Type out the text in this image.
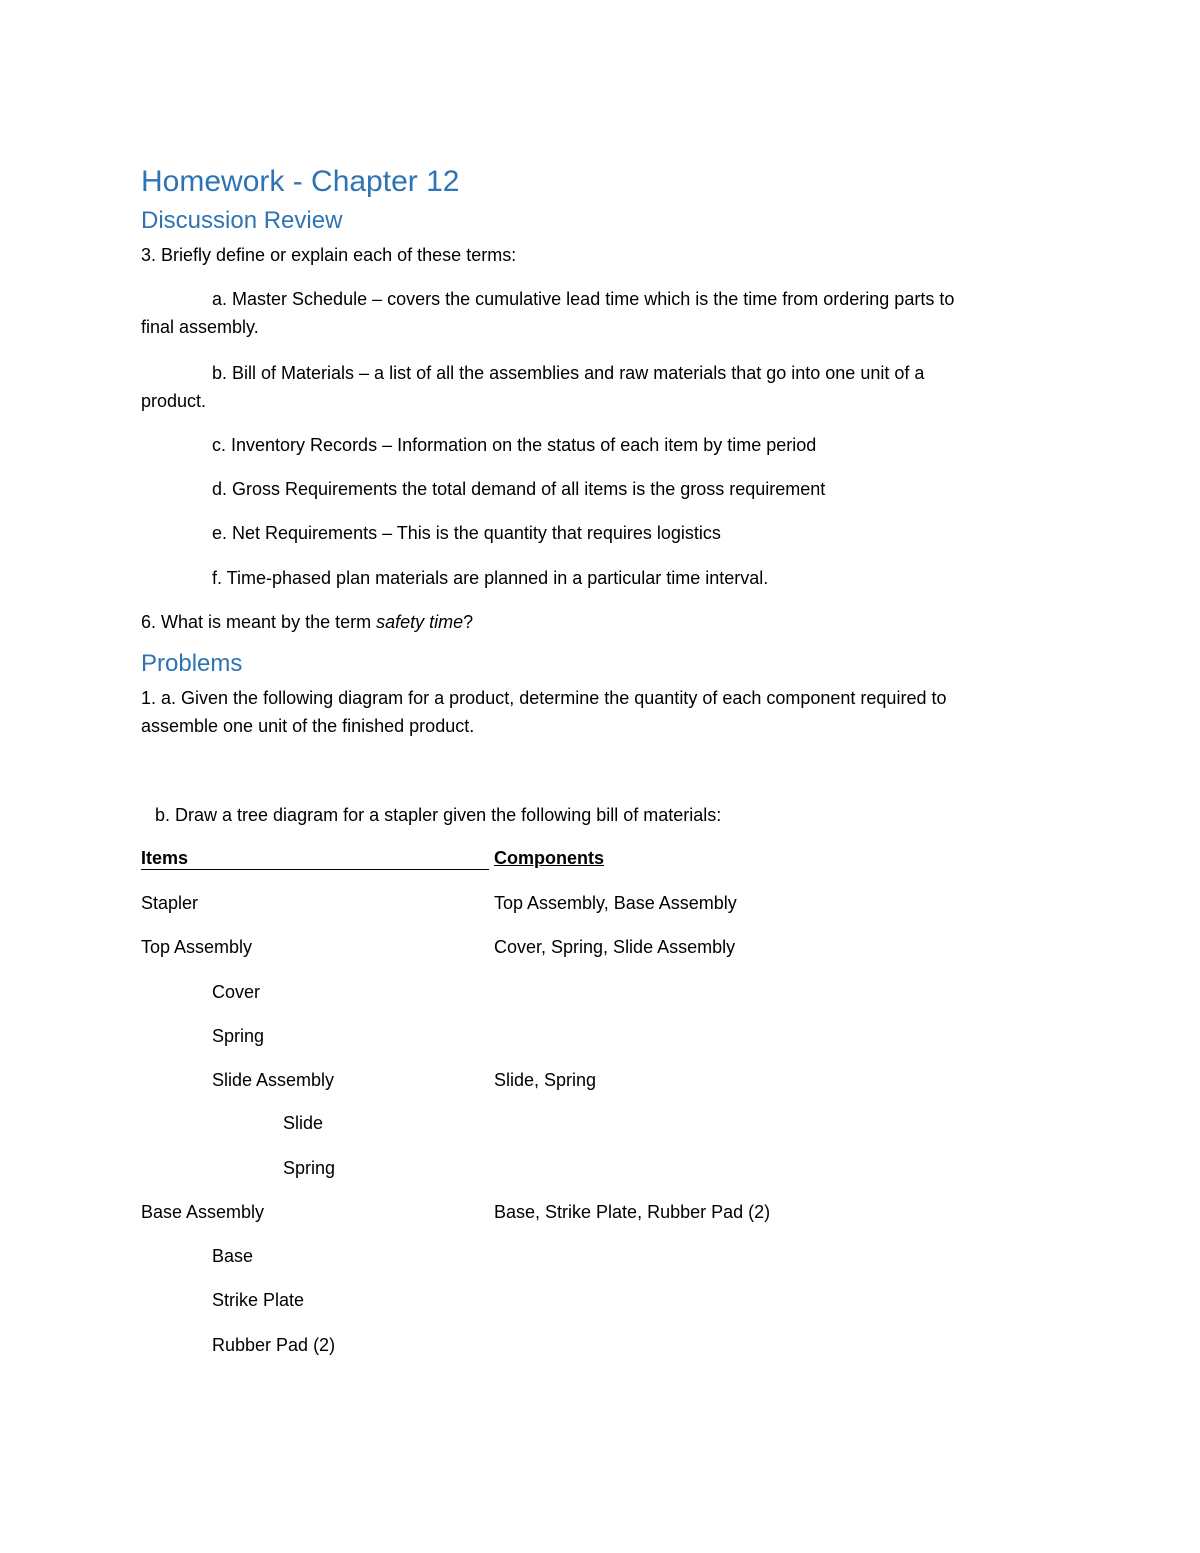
Homework - Chapter 12
Discussion Review
3. Briefly define or explain each of these terms:
a. Master Schedule – covers the cumulative lead time which is the time from ordering parts to
final assembly.
b. Bill of Materials – a list of all the assemblies and raw materials that go into one unit of a
product.
c. Inventory Records – Information on the status of each item by time period
d. Gross Requirements the total demand of all items is the gross requirement
e. Net Requirements – This is the quantity that requires logistics
f. Time-phased plan materials are planned in a particular time interval.
6. What is meant by the term safety time?
Problems
1. a. Given the following diagram for a product, determine the quantity of each component required to
assemble one unit of the finished product.
b. Draw a tree diagram for a stapler given the following bill of materials:
Items	Components
Stapler	Top Assembly, Base Assembly
Top Assembly	Cover, Spring, Slide Assembly
Cover
Spring
Slide Assembly	Slide, Spring
Slide
Spring
Base Assembly	Base, Strike Plate, Rubber Pad (2)
Base
Strike Plate
Rubber Pad (2)
